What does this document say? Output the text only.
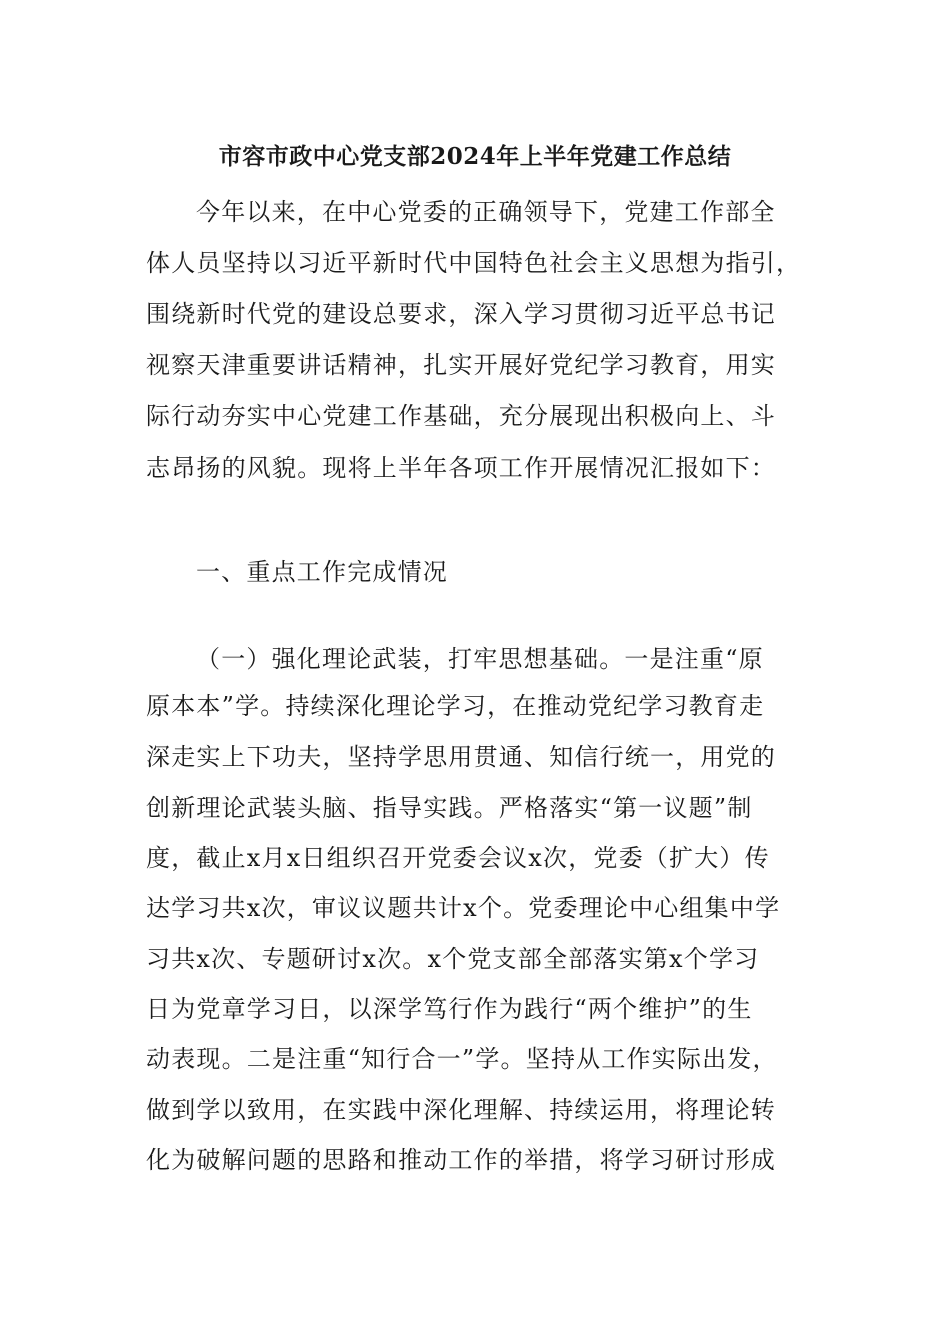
市容市政中心党支部2024年上半年党建工作总结
今年以来，在中心党委的正确领导下，党建工作部全
体人员坚持以习近平新时代中国特色社会主义思想为指引，
围绕新时代党的建设总要求，深入学习贯彻习近平总书记
视察天津重要讲话精神，扎实开展好党纪学习教育，用实
际行动夯实中心党建工作基础，充分展现出积极向上、斗
志昂扬的风貌。现将上半年各项工作开展情况汇报如下：
一、重点工作完成情况
（一）强化理论武装，打牢思想基础。一是注重“原
原本本”学。持续深化理论学习，在推动党纪学习教育走
深走实上下功夫，坚持学思用贯通、知信行统一，用党的
创新理论武装头脑、指导实践。严格落实“第一议题”制
度，截止x月x日组织召开党委会议x次，党委（扩大）传
达学习共x次，审议议题共计x个。党委理论中心组集中学
习共x次、专题研讨x次。x个党支部全部落实第x个学习
日为党章学习日，以深学笃行作为践行“两个维护”的生
动表现。二是注重“知行合一”学。坚持从工作实际出发，
做到学以致用，在实践中深化理解、持续运用，将理论转
化为破解问题的思路和推动工作的举措，将学习研讨形成
